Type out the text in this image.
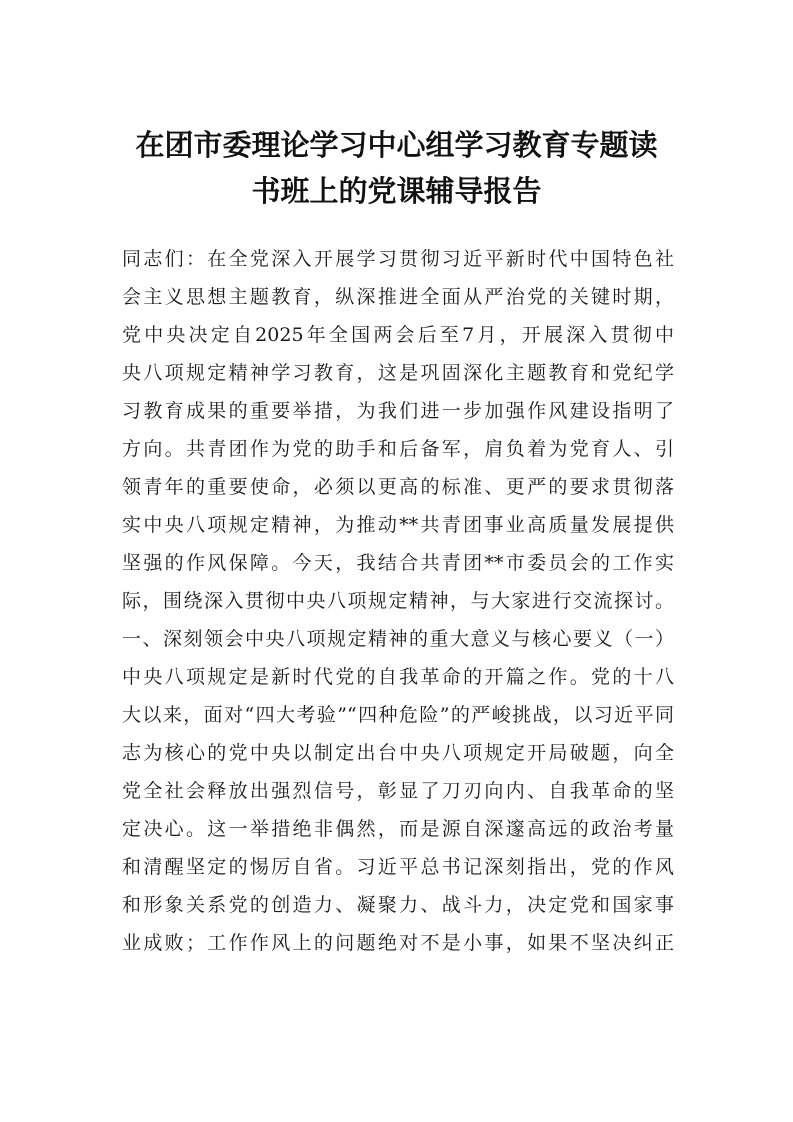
在团市委理论学习中心组学习教育专题读
书班上的党课辅导报告
同志们：在全党深入开展学习贯彻习近平新时代中国特色社
会主义思想主题教育，纵深推进全面从严治党的关键时期，
党中央决定自2025年全国两会后至7月，开展深入贯彻中
央八项规定精神学习教育，这是巩固深化主题教育和党纪学
习教育成果的重要举措，为我们进一步加强作风建设指明了
方向。共青团作为党的助手和后备军，肩负着为党育人、引
领青年的重要使命，必须以更高的标准、更严的要求贯彻落
实中央八项规定精神，为推动**共青团事业高质量发展提供
坚强的作风保障。今天，我结合共青团**市委员会的工作实
际，围绕深入贯彻中央八项规定精神，与大家进行交流探讨。
一、深刻领会中央八项规定精神的重大意义与核心要义（一）
中央八项规定是新时代党的自我革命的开篇之作。党的十八
大以来，面对“四大考验”“四种危险”的严峻挑战，以习近平同
志为核心的党中央以制定出台中央八项规定开局破题，向全
党全社会释放出强烈信号，彰显了刀刃向内、自我革命的坚
定决心。这一举措绝非偶然，而是源自深邃高远的政治考量
和清醒坚定的惕厉自省。习近平总书记深刻指出，党的作风
和形象关系党的创造力、凝聚力、战斗力，决定党和国家事
业成败；工作作风上的问题绝对不是小事，如果不坚决纠正
